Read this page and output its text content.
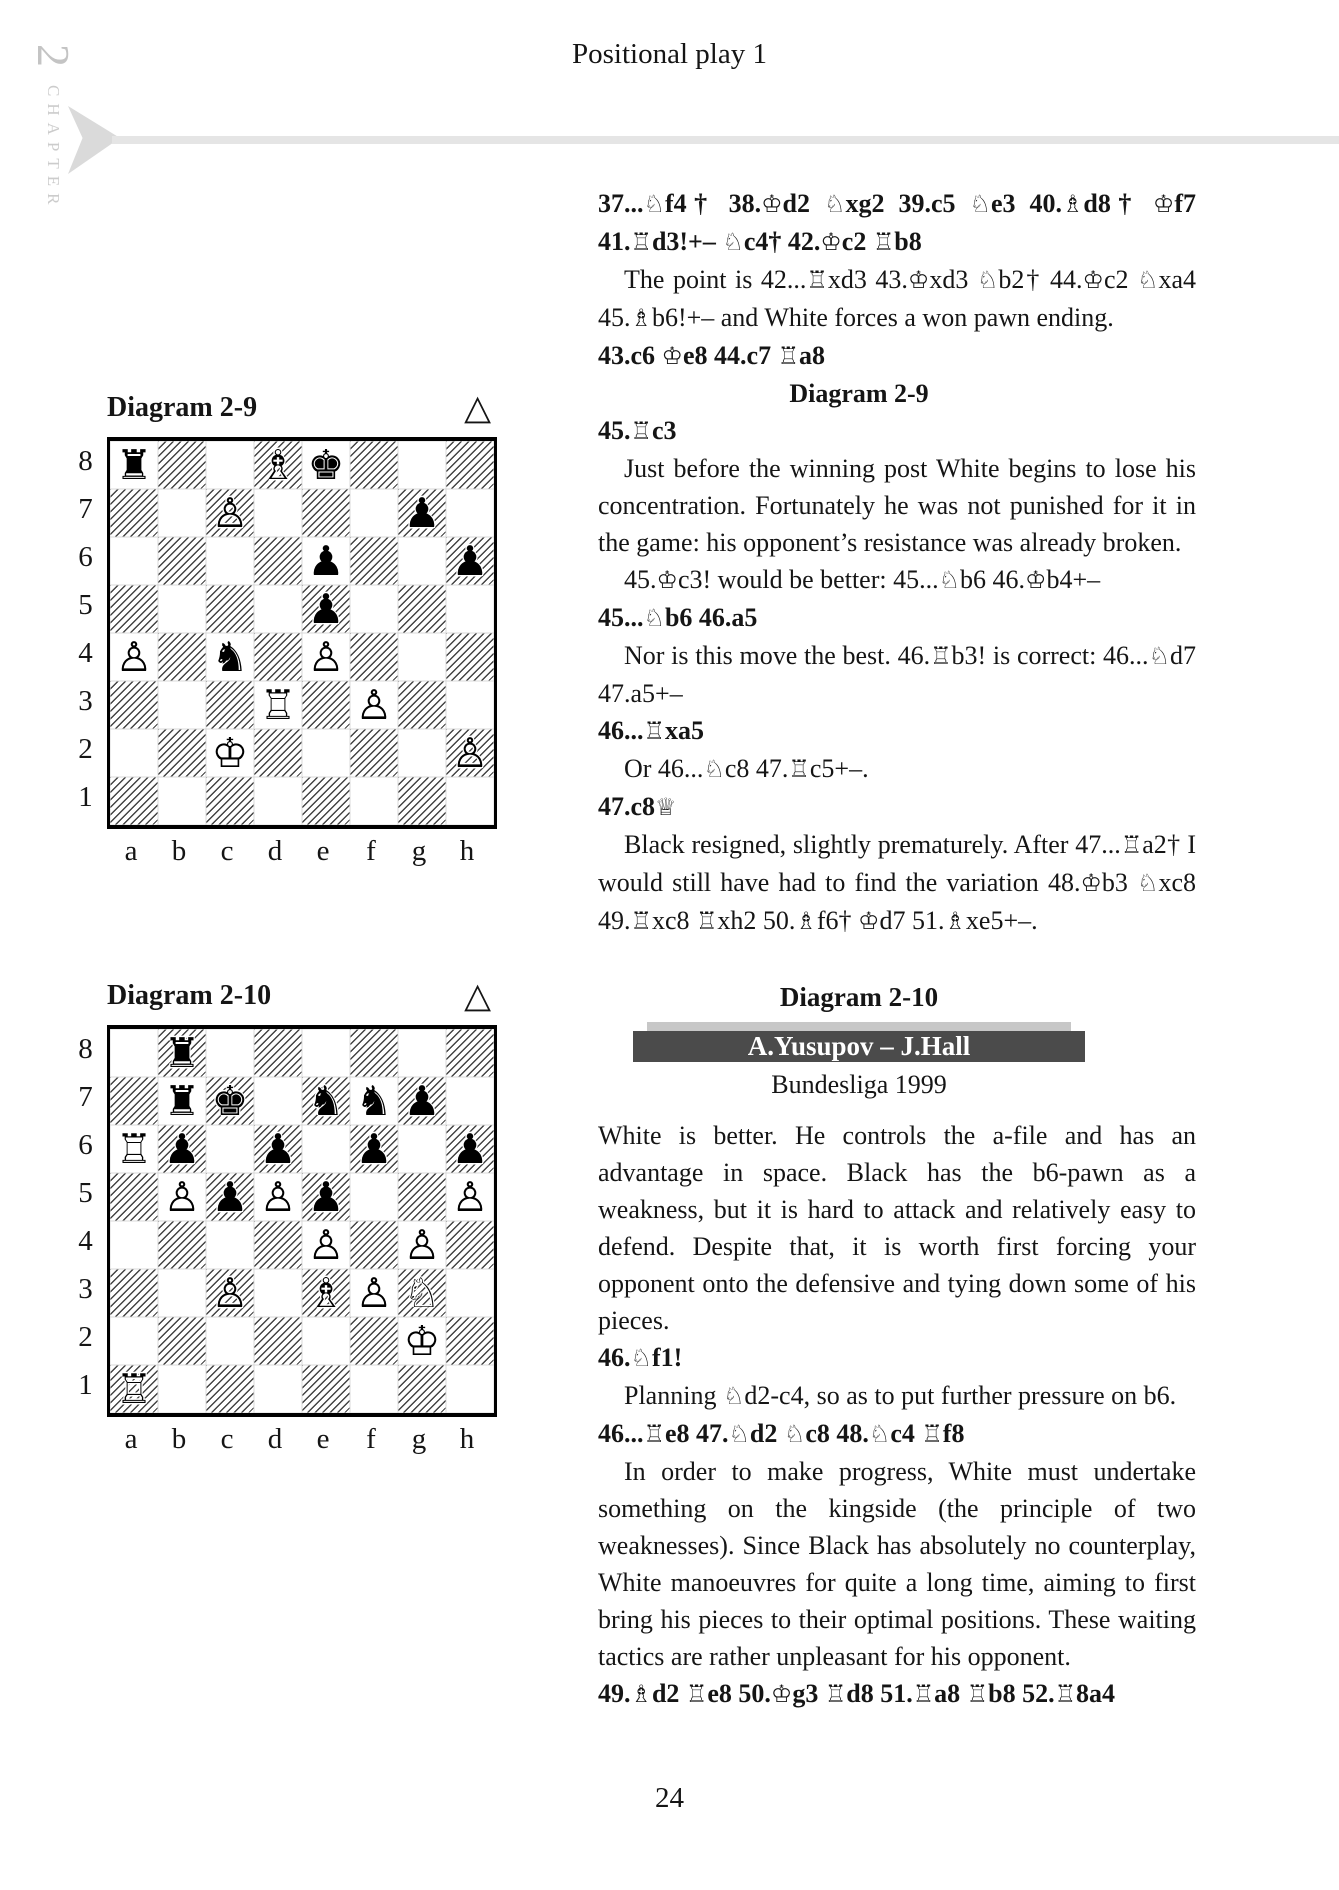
Positional play 1
2 CHAPTER
Diagram 2-9	△
8
7
6
5
4
3
2
1
♜	♗ ♚
♙	♟
♟	♟
♟
♙ ♞ ♙
♖ ♙
♔	♙
a	b	c	d	e	f	g	h
Diagram 2-10	△
8
7
6
5
4
3
2
1
♜
♜ ♚ ♞ ♞ ♟
♖ ♟ ♟ ♟ ♟
♙ ♟ ♙ ♟	♙
♙ ♙
♙ ♗ ♙ ♘
♔
♖
a	b	c	d	e	f	g	h
37...♘f4† 38.♔d2 ♘xg2 39.c5 ♘e3 40.♗d8† ♔f7
41.♖d3!+– ♘c4† 42.♔c2 ♖b8
The point is 42...♖xd3 43.♔xd3 ♘b2† 44.♔c2 ♘xa4 45.♗b6!+– and White forces a won pawn ending.
43.c6 ♔e8 44.c7 ♖a8
Diagram 2-9
45.♖c3
Just before the winning post White begins to lose his concentration. Fortunately he was not punished for it in the game: his opponent’s resistance was already broken.
45.♔c3! would be better: 45...♘b6 46.♔b4+–
45...♘b6 46.a5
Nor is this move the best. 46.♖b3! is correct: 46...♘d7 47.a5+–
46...♖xa5
Or 46...♘c8 47.♖c5+–.
47.c8♕
Black resigned, slightly prematurely. After 47...♖a2† I would still have had to find the variation 48.♔b3 ♘xc8 49.♖xc8 ♖xh2 50.♗f6† ♔d7 51.♗xe5+–.
Diagram 2-10
A.Yusupov – J.Hall
Bundesliga 1999
White is better. He controls the a-file and has an advantage in space. Black has the b6-pawn as a weakness, but it is hard to attack and relatively easy to defend. Despite that, it is worth first forcing your opponent onto the defensive and tying down some of his pieces.
46.♘f1!
Planning ♘d2-c4, so as to put further pressure on b6.
46...♖e8 47.♘d2 ♘c8 48.♘c4 ♖f8
In order to make progress, White must undertake something on the kingside (the principle of two weaknesses). Since Black has absolutely no counterplay, White manoeuvres for quite a long time, aiming to first bring his pieces to their optimal positions. These waiting tactics are rather unpleasant for his opponent.
49.♗d2 ♖e8 50.♔g3 ♖d8 51.♖a8 ♖b8 52.♖8a4
24
